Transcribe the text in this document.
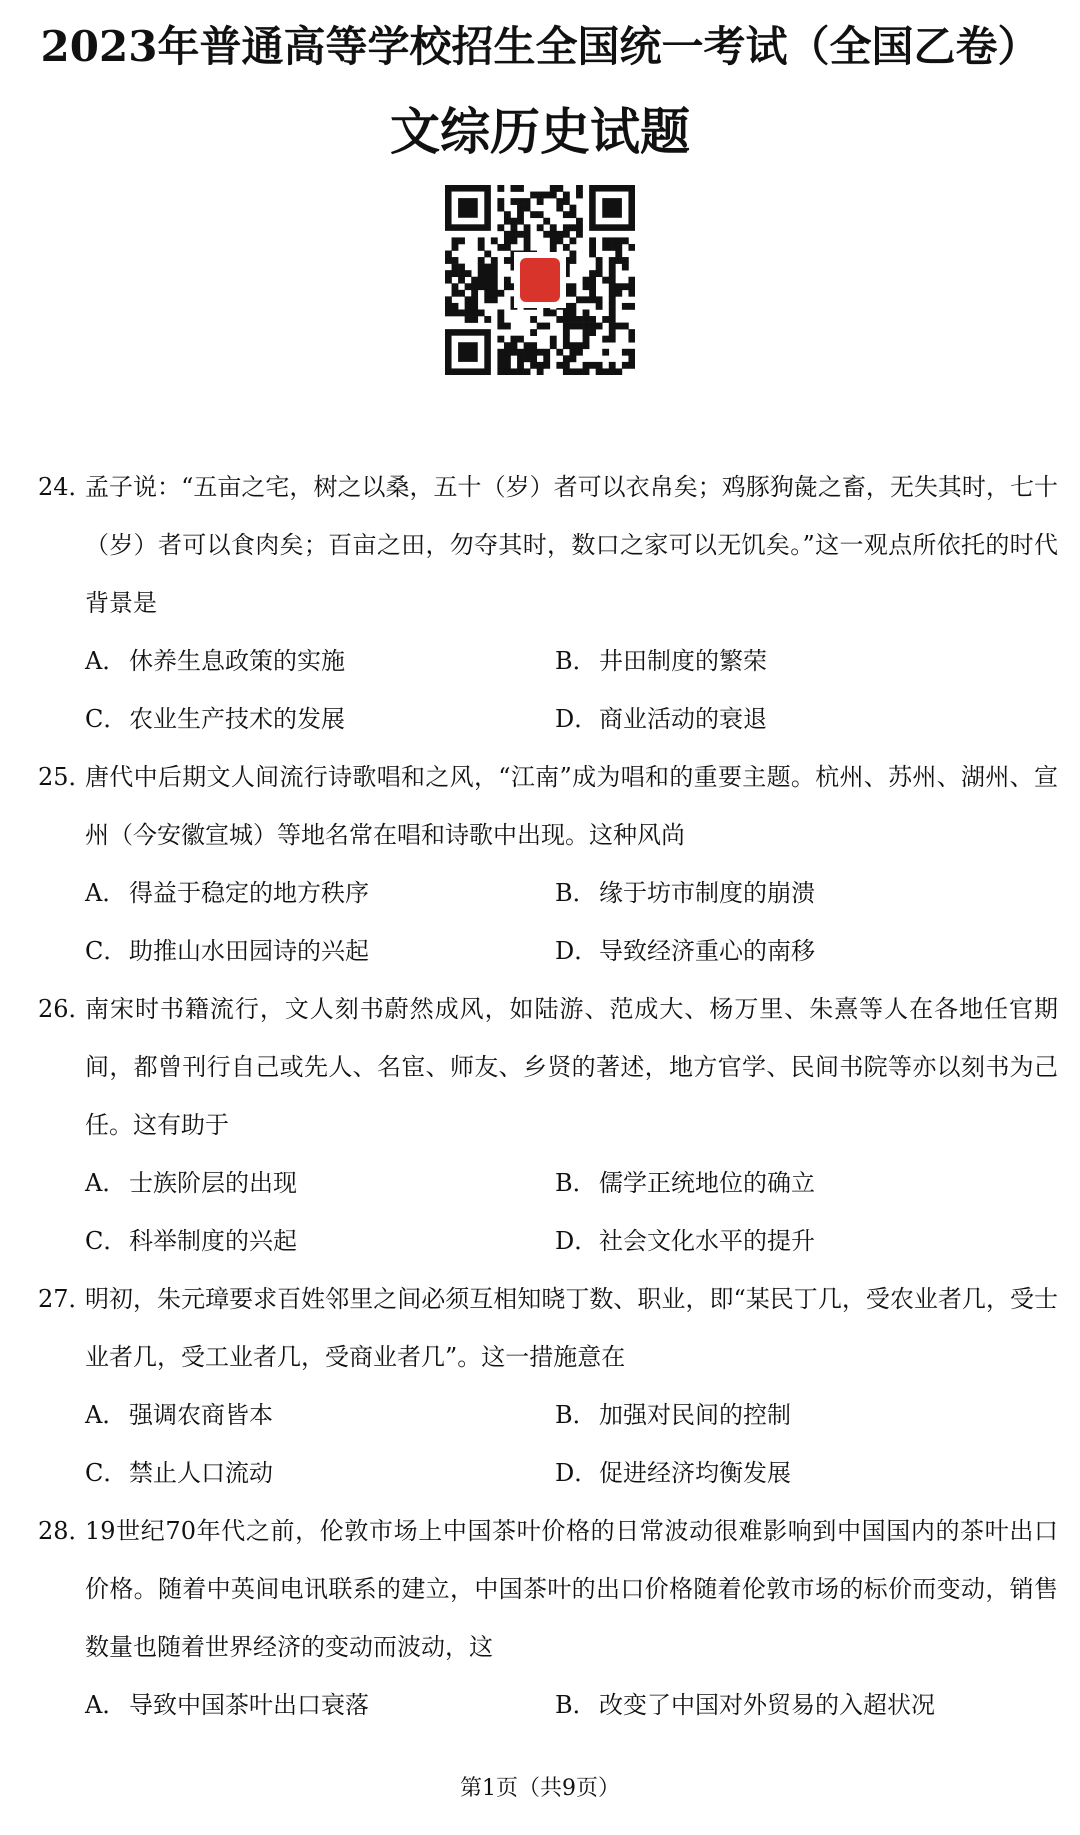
2023年普通高等学校招生全国统一考试（全国乙卷）
文综历史试题
24．
孟子说：“五亩之宅，树之以桑，五十（岁）者可以衣帛矣；鸡豚狗彘之畜，无失其时，七十（岁）者可以食肉矣；百亩之田，勿夺其时，数口之家可以无饥矣。”这一观点所依托的时代背景是
A． 休养生息政策的实施	B．井田制度的繁荣
C．农业生产技术的发展	D．商业活动的衰退
25．
唐代中后期文人间流行诗歌唱和之风，“江南”成为唱和的重要主题。杭州、苏州、湖州、宣州（今安徽宣城）等地名常在唱和诗歌中出现。这种风尚
A． 得益于稳定的地方秩序	B．缘于坊市制度的崩溃
C．助推山水田园诗的兴起	D．导致经济重心的南移
26．
南宋时书籍流行，文人刻书蔚然成风，如陆游、范成大、杨万里、朱熹等人在各地任官期间，都曾刊行自己或先人、名宦、师友、乡贤的著述，地方官学、民间书院等亦以刻书为己任。这有助于
A． 士族阶层的出现	B．儒学正统地位的确立
C．科举制度的兴起	D．社会文化水平的提升
27．
明初，朱元璋要求百姓邻里之间必须互相知晓丁数、职业，即“某民丁几，受农业者几，受士业者几，受工业者几，受商业者几”。这一措施意在
A． 强调农商皆本	B．加强对民间的控制
C．禁止人口流动	D．促进经济均衡发展
28．
19世纪70年代之前，伦敦市场上中国茶叶价格的日常波动很难影响到中国国内的茶叶出口价格。随着中英间电讯联系的建立，中国茶叶的出口价格随着伦敦市场的标价而变动，销售数量也随着世界经济的变动而波动，这
A． 导致中国茶叶出口衰落	B．改变了中国对外贸易的入超状况
第1页（共9页）
